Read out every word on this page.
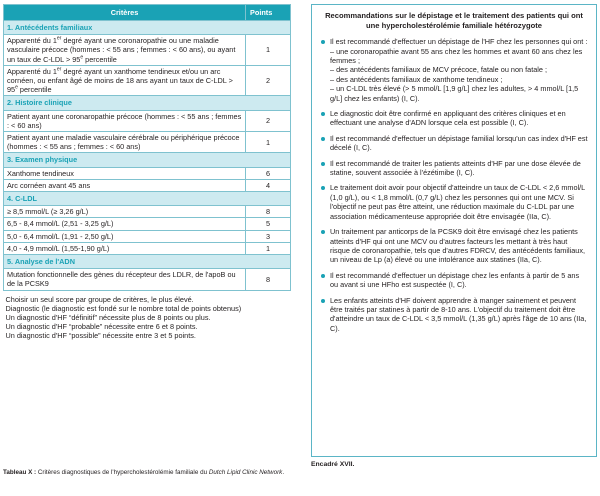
Critères	Points
1. Antécédents familiaux	
Apparenté du 1er degré ayant une coronaropathie ou une maladie vasculaire précoce (hommes : < 55 ans ; femmes : < 60 ans), ou ayant un taux de $C-LDL > 95^e$ percentile	1
Apparenté du 1er degré ayant un xanthome tendineux et/ou un arc cornéen, ou enfant âgé de moins de 18 ans ayant un taux de $C-LDL > 95^e$ percentile	2
2. Histoire clinique	
Patient ayant une coronaropathie précoce (hommes : < 55 ans ; femmes : < 60 ans)	2
Patient ayant une maladie vasculaire cérébrale ou périphérique précoce (hommes : < 55 ans ; femmes : < 60 ans)	1
3. Examen physique	
Xanthome tendineux	6
Arc cornéen avant 45 ans	4
4. C-LDL	
≥ 8,5 mmol/L (≥ 3,26 g/L)	8
6,5 - 8,4 mmol/L (2,51 - 3,25 g/L)	5
5,0 - 6,4 mmol/L (1,91 - 2,50 g/L)	3
4,0 - 4,9 mmol/L (1,55-1,90 g/L)	1
5. Analyse de l'ADN	
Mutation fonctionnelle des gènes du récepteur des LDLR, de l'apoB ou de la PCSK9	8

Choisir un seul score par groupe de critères, le plus élevé.
Diagnostic (le diagnostic est fondé sur le nombre total de points obtenus)
Un diagnostic d'HF “définitif” nécessite plus de 8 points ou plus.
Un diagnostic d'HF “probable” nécessite entre 6 et 8 points.
Un diagnostic d'HF “possible” nécessite entre 3 et 5 points.	
Tableau X : Critères diagnostiques de l'hypercholestérolémie familiale du Dutch Lipid Clinic Network.
Recommandations sur le dépistage et le traitement des patients qui ont une hypercholestérolémie familiale hétérozygote
Il est recommandé d'effectuer un dépistage de l'HF chez les personnes qui ont :
– une coronaropathie avant 55 ans chez les hommes et avant 60 ans chez les femmes ;
– des antécédents familiaux de MCV précoce, fatale ou non fatale ;
– des antécédents familiaux de xanthome tendineux ;
– un C-LDL très élevé (> 5 mmol/L [1,9 g/L] chez les adultes, > 4 mmol/L [1,5 g/L] chez les enfants) (I, C).
Le diagnostic doit être confirmé en appliquant des critères cliniques et en effectuant une analyse d'ADN lorsque cela est possible (I, C).
Il est recommandé d'effectuer un dépistage familial lorsqu'un cas index d'HF est décelé (I, C).
Il est recommandé de traiter les patients atteints d'HF par une dose élevée de statine, souvent associée à l'ézétimibe (I, C).
Le traitement doit avoir pour objectif d'atteindre un taux de C-LDL < 2,6 mmol/L (1,0 g/L), ou < 1,8 mmol/L (0,7 g/L) chez les personnes qui ont une MCV. Si l'objectif ne peut pas être atteint, une réduction maximale du C-LDL par une association médicamenteuse appropriée doit être envisagée (IIa, C).
Un traitement par anticorps de la PCSK9 doit être envisagé chez les patients atteints d'HF qui ont une MCV ou d'autres facteurs les mettant à très haut risque de coronaropathie, tels que d'autres FDRCV, des antécédents familiaux, un niveau de Lp (a) élevé ou une intolérance aux statines (IIa, C).
Il est recommandé d'effectuer un dépistage chez les enfants à partir de 5 ans ou avant si une HFho est suspectée (I, C).
Les enfants atteints d'HF doivent apprendre à manger sainement et peuvent être traités par statines à partir de 8-10 ans. L'objectif du traitement doit être d'atteindre un taux de C-LDL < 3,5 mmol/L (1,35 g/L) après l'âge de 10 ans (IIa, C).
Encadré XVII.
